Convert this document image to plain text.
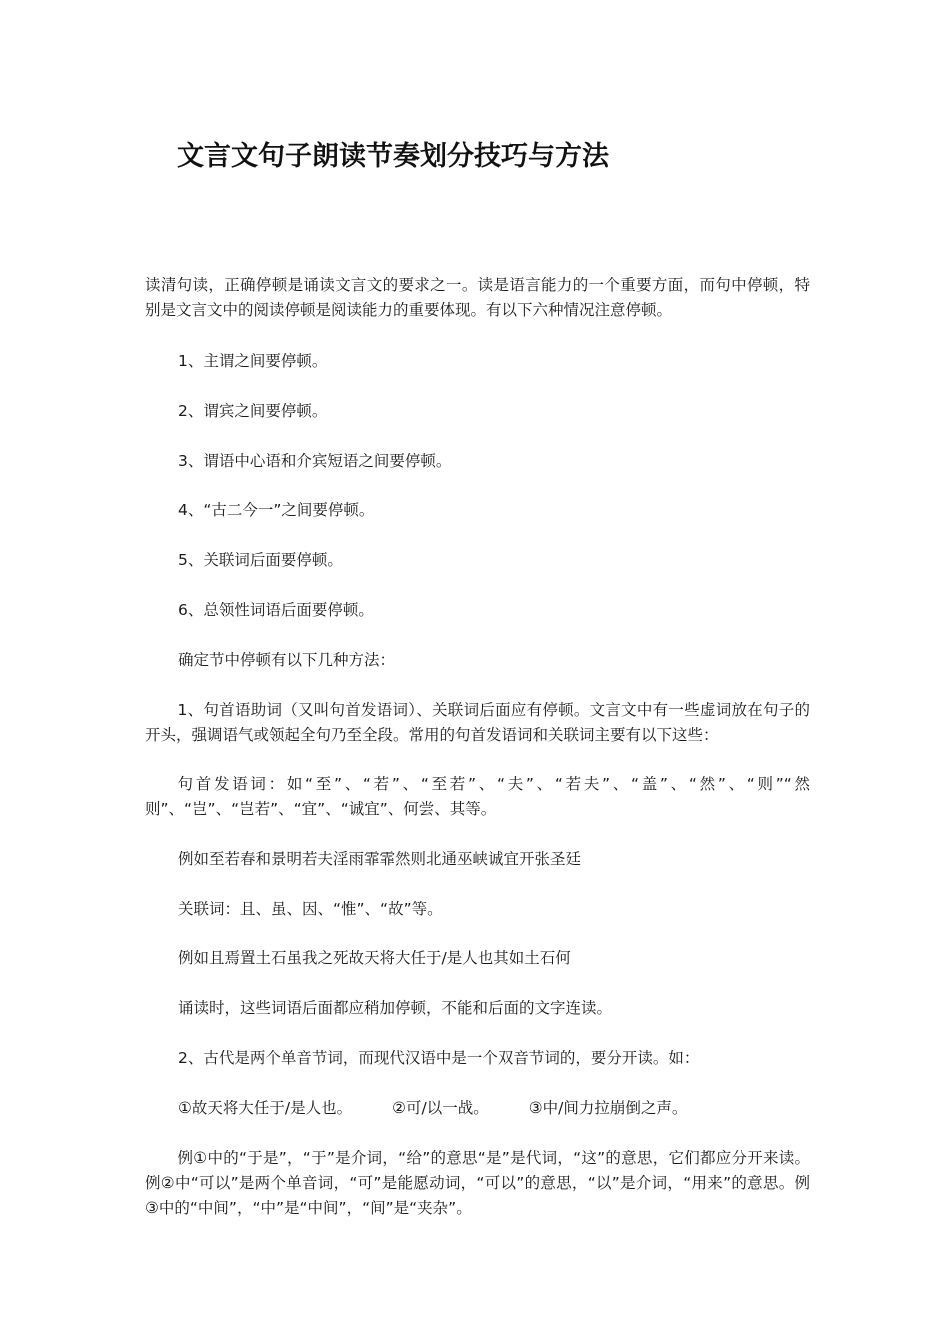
文言文句子朗读节奏划分技巧与方法

读清句读，正确停顿是诵读文言文的要求之一。读是语言能力的一个重要方面，而句中停顿，特别是文言文中的阅读停顿是阅读能力的重要体现。有以下六种情况注意停顿。

1、主谓之间要停顿。
2、谓宾之间要停顿。
3、谓语中心语和介宾短语之间要停顿。
4、“古二今一”之间要停顿。
5、关联词后面要停顿。
6、总领性词语后面要停顿。
确定节中停顿有以下几种方法：

1、句首语助词（又叫句首发语词）、关联词后面应有停顿。文言文中有一些虚词放在句子的开头，强调语气或领起全句乃至全段。常用的句首发语词和关联词主要有以下这些：

句首发语词：如“至”、“若”、“至若”、“夫”、“若夫”、“盖”、“然”、“则”“然则”、“岂”、“岂若”、“宜”、“诚宜”、何尝、其等。

例如至若春和景明若夫淫雨霏霏然则北通巫峡诚宜开张圣廷
关联词：且、虽、因、“惟”、“故”等。
例如且焉置土石虽我之死故天将大任于/是人也其如土石何
诵读时，这些词语后面都应稍加停顿，不能和后面的文字连读。
2、古代是两个单音节词，而现代汉语中是一个双音节词的，要分开读。如：
①故天将大任于/是人也。	②可/以一战。	③中/间力拉崩倒之声。

例①中的“于是”，“于”是介词，“给”的意思“是”是代词，“这”的意思，它们都应分开来读。例②中“可以”是两个单音词，“可”是能愿动词，“可以”的意思，“以”是介词，“用来”的意思。例③中的“中间”，“中”是“中间”，“间”是“夹杂”。
